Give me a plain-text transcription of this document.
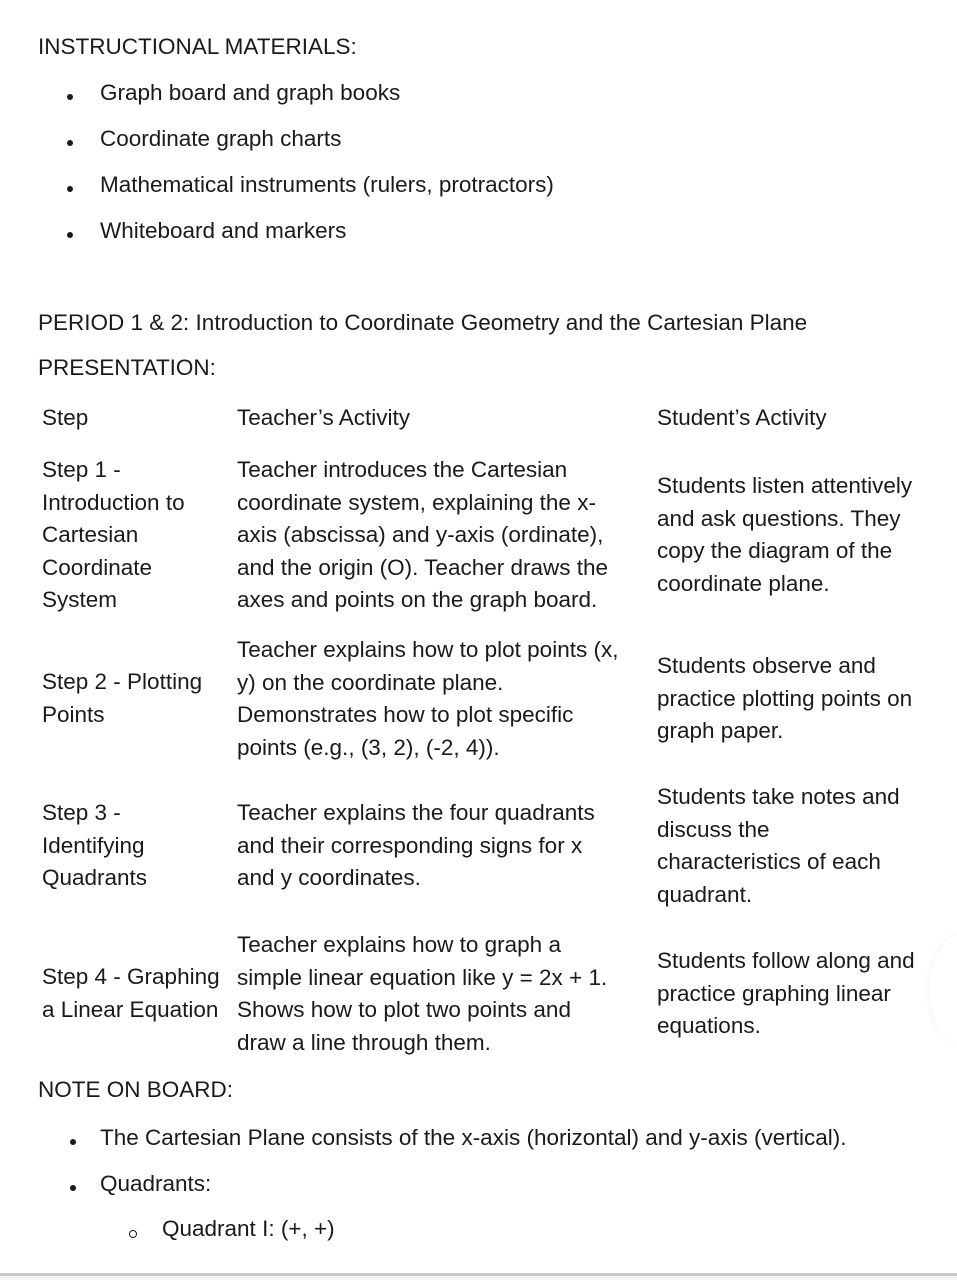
INSTRUCTIONAL MATERIALS:
Graph board and graph books
Coordinate graph charts
Mathematical instruments (rulers, protractors)
Whiteboard and markers
PERIOD 1 & 2: Introduction to Coordinate Geometry and the Cartesian Plane
PRESENTATION:
Step	Teacher’s Activity	Student’s Activity
Step 1 -
Introduction to
Cartesian
Coordinate
System
Teacher introduces the Cartesian
coordinate system, explaining the x-
axis (abscissa) and y-axis (ordinate),
and the origin (O). Teacher draws the
axes and points on the graph board.
Students listen attentively
and ask questions. They
copy the diagram of the
coordinate plane.
Step 2 - Plotting
Points
Teacher explains how to plot points (x,
y) on the coordinate plane.
Demonstrates how to plot specific
points (e.g., (3, 2), (-2, 4)).
Students observe and
practice plotting points on
graph paper.
Step 3 -
Identifying
Quadrants
Teacher explains the four quadrants
and their corresponding signs for x
and y coordinates.
Students take notes and
discuss the
characteristics of each
quadrant.
Step 4 - Graphing
a Linear Equation
Teacher explains how to graph a
simple linear equation like y = 2x + 1.
Shows how to plot two points and
draw a line through them.
Students follow along and
practice graphing linear
equations.
NOTE ON BOARD:
The Cartesian Plane consists of the x-axis (horizontal) and y-axis (vertical).
Quadrants:
Quadrant I: (+, +)
